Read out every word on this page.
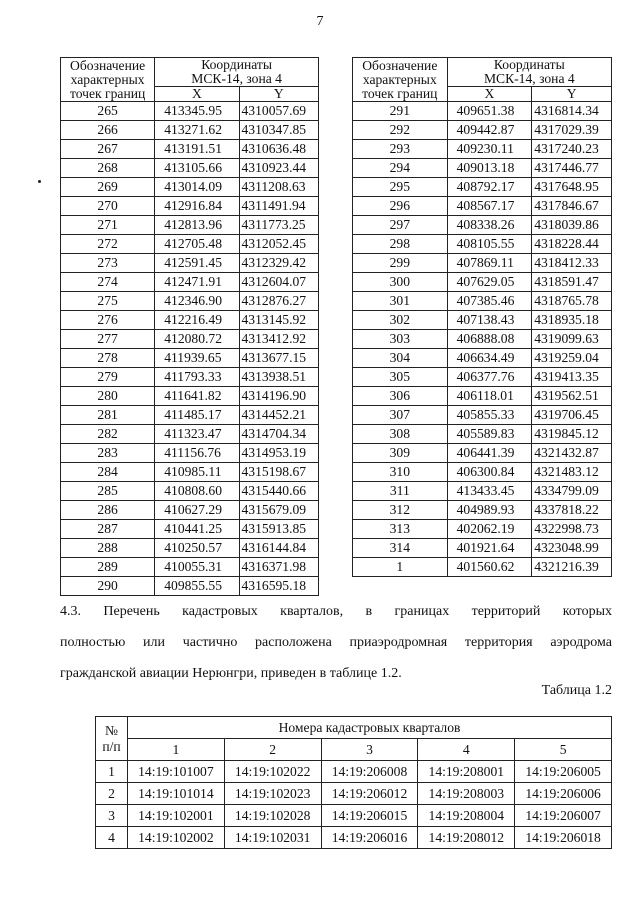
7
Обозначение
характерных
точек границ	Координаты
МСК-14, зона 4	
	X	Y
265	413345.95	4310057.69
266	413271.62	4310347.85
267	413191.51	4310636.48
268	413105.66	4310923.44
269	413014.09	4311208.63
270	412916.84	4311491.94
271	412813.96	4311773.25
272	412705.48	4312052.45
273	412591.45	4312329.42
274	412471.91	4312604.07
275	412346.90	4312876.27
276	412216.49	4313145.92
277	412080.72	4313412.92
278	411939.65	4313677.15
279	411793.33	4313938.51
280	411641.82	4314196.90
281	411485.17	4314452.21
282	411323.47	4314704.34
283	411156.76	4314953.19
284	410985.11	4315198.67
285	410808.60	4315440.66
286	410627.29	4315679.09
287	410441.25	4315913.85
288	410250.57	4316144.84
289	410055.31	4316371.98
290	409855.55	4316595.18
Обозначение
характерных
точек границ	Координаты
МСК-14, зона 4	
	X	Y
291	409651.38	4316814.34
292	409442.87	4317029.39
293	409230.11	4317240.23
294	409013.18	4317446.77
295	408792.17	4317648.95
296	408567.17	4317846.67
297	408338.26	4318039.86
298	408105.55	4318228.44
299	407869.11	4318412.33
300	407629.05	4318591.47
301	407385.46	4318765.78
302	407138.43	4318935.18
303	406888.08	4319099.63
304	406634.49	4319259.04
305	406377.76	4319413.35
306	406118.01	4319562.51
307	405855.33	4319706.45
308	405589.83	4319845.12
309	406441.39	4321432.87
310	406300.84	4321483.12
311	413433.45	4334799.09
312	404989.93	4337818.22
313	402062.19	4322998.73
314	401921.64	4323048.99
1	401560.62	4321216.39
4.3. Перечень кадастровых кварталов, в границах территорий которых
полностью или частично расположена приаэродромная территория аэродрома
гражданской авиации Нерюнгри, приведен в таблице 1.2.
Таблица 1.2
№
п/п	Номера кадастровых кварталов				
	1	2	3	4	5
1	14:19:101007	14:19:102022	14:19:206008	14:19:208001	14:19:206005
2	14:19:101014	14:19:102023	14:19:206012	14:19:208003	14:19:206006
3	14:19:102001	14:19:102028	14:19:206015	14:19:208004	14:19:206007
4	14:19:102002	14:19:102031	14:19:206016	14:19:208012	14:19:206018
